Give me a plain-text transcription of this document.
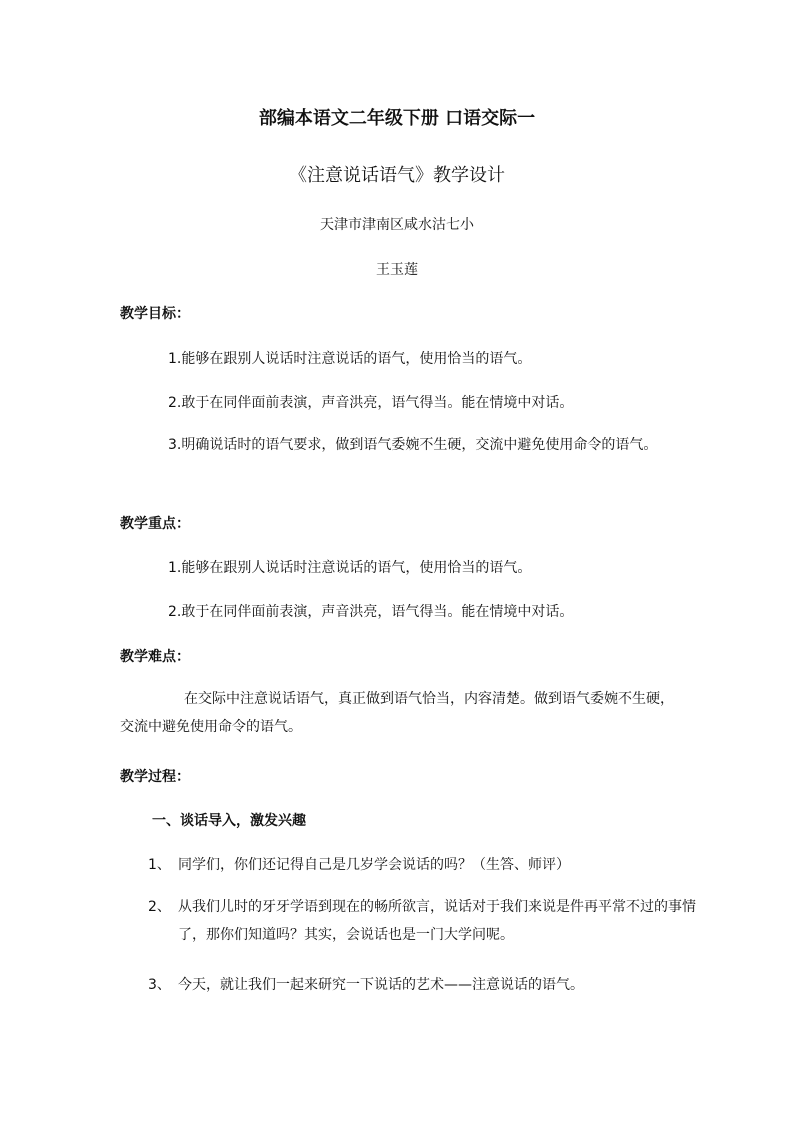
部编本语文二年级下册 口语交际一
《注意说话语气》教学设计
天津市津南区咸水沽七小
王玉莲
教学目标：
1.能够在跟别人说话时注意说话的语气，使用恰当的语气。
2.敢于在同伴面前表演，声音洪亮，语气得当。能在情境中对话。
3.明确说话时的语气要求，做到语气委婉不生硬，交流中避免使用命令的语气。
教学重点：
1.能够在跟别人说话时注意说话的语气，使用恰当的语气。
2.敢于在同伴面前表演，声音洪亮，语气得当。能在情境中对话。
教学难点：
在交际中注意说话语气，真正做到语气恰当，内容清楚。做到语气委婉不生硬，交流中避免使用命令的语气。
教学过程：
一、谈话导入，激发兴趣
1、 同学们，你们还记得自己是几岁学会说话的吗？（生答、师评）
2、 从我们儿时的牙牙学语到现在的畅所欲言，说话对于我们来说是件再平常不过的事情了，那你们知道吗？其实，会说话也是一门大学问呢。
3、 今天，就让我们一起来研究一下说话的艺术——注意说话的语气。
